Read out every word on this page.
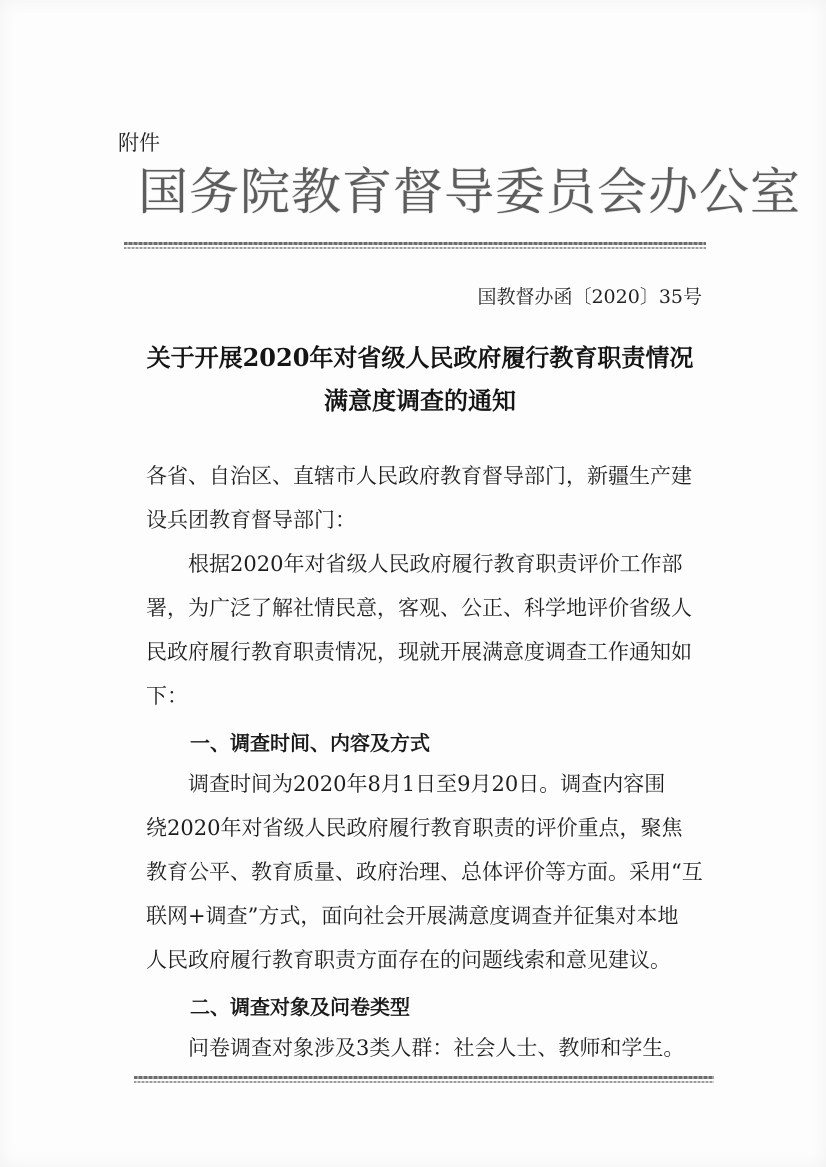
附件
国务院教育督导委员会办公室
国教督办函〔2020〕35号
关于开展2020年对省级人民政府履行教育职责情况
满意度调查的通知
各省、自治区、直辖市人民政府教育督导部门，新疆生产建
设兵团教育督导部门：
根据2020年对省级人民政府履行教育职责评价工作部
署，为广泛了解社情民意，客观、公正、科学地评价省级人
民政府履行教育职责情况，现就开展满意度调查工作通知如
下：
一、调查时间、内容及方式
调查时间为2020年8月1日至9月20日。调查内容围
绕2020年对省级人民政府履行教育职责的评价重点，聚焦
教育公平、教育质量、政府治理、总体评价等方面。采用“互
联网+调查”方式，面向社会开展满意度调查并征集对本地
人民政府履行教育职责方面存在的问题线索和意见建议。
二、调查对象及问卷类型
问卷调查对象涉及3类人群：社会人士、教师和学生。
